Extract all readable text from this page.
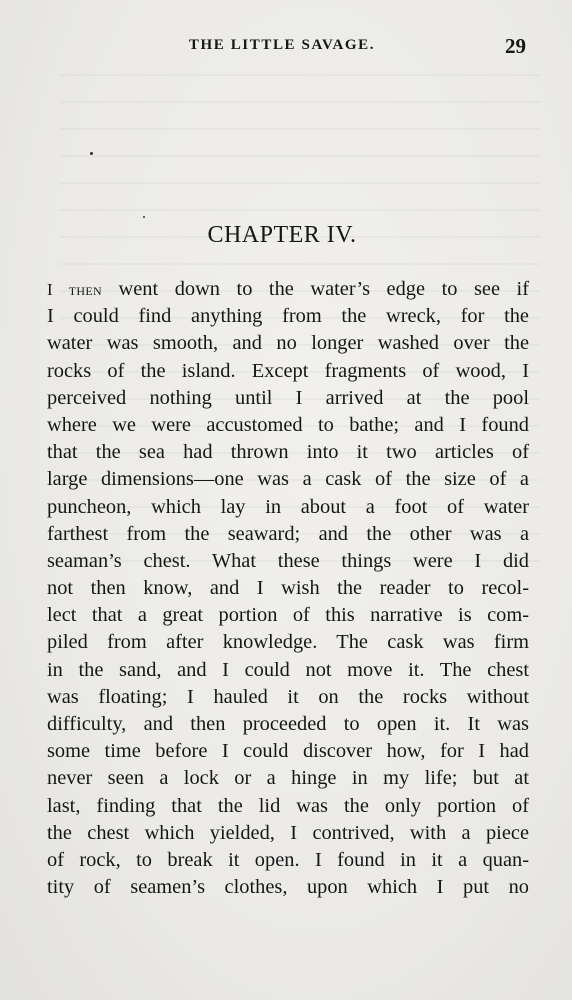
THE LITTLE SAVAGE.	29
CHAPTER IV.
I then went down to the water’s edge to see if
I could find anything from the wreck, for the
water was smooth, and no longer washed over the
rocks of the island. Except fragments of wood, I
perceived nothing until I arrived at the pool
where we were accustomed to bathe; and I found
that the sea had thrown into it two articles of
large dimensions—one was a cask of the size of a
puncheon, which lay in about a foot of water
farthest from the seaward; and the other was a
seaman’s chest. What these things were I did
not then know, and I wish the reader to recol-
lect that a great portion of this narrative is com-
piled from after knowledge. The cask was firm
in the sand, and I could not move it. The chest
was floating; I hauled it on the rocks without
difficulty, and then proceeded to open it. It was
some time before I could discover how, for I had
never seen a lock or a hinge in my life; but at
last, finding that the lid was the only portion of
the chest which yielded, I contrived, with a piece
of rock, to break it open. I found in it a quan-
tity of seamen’s clothes, upon which I put no
